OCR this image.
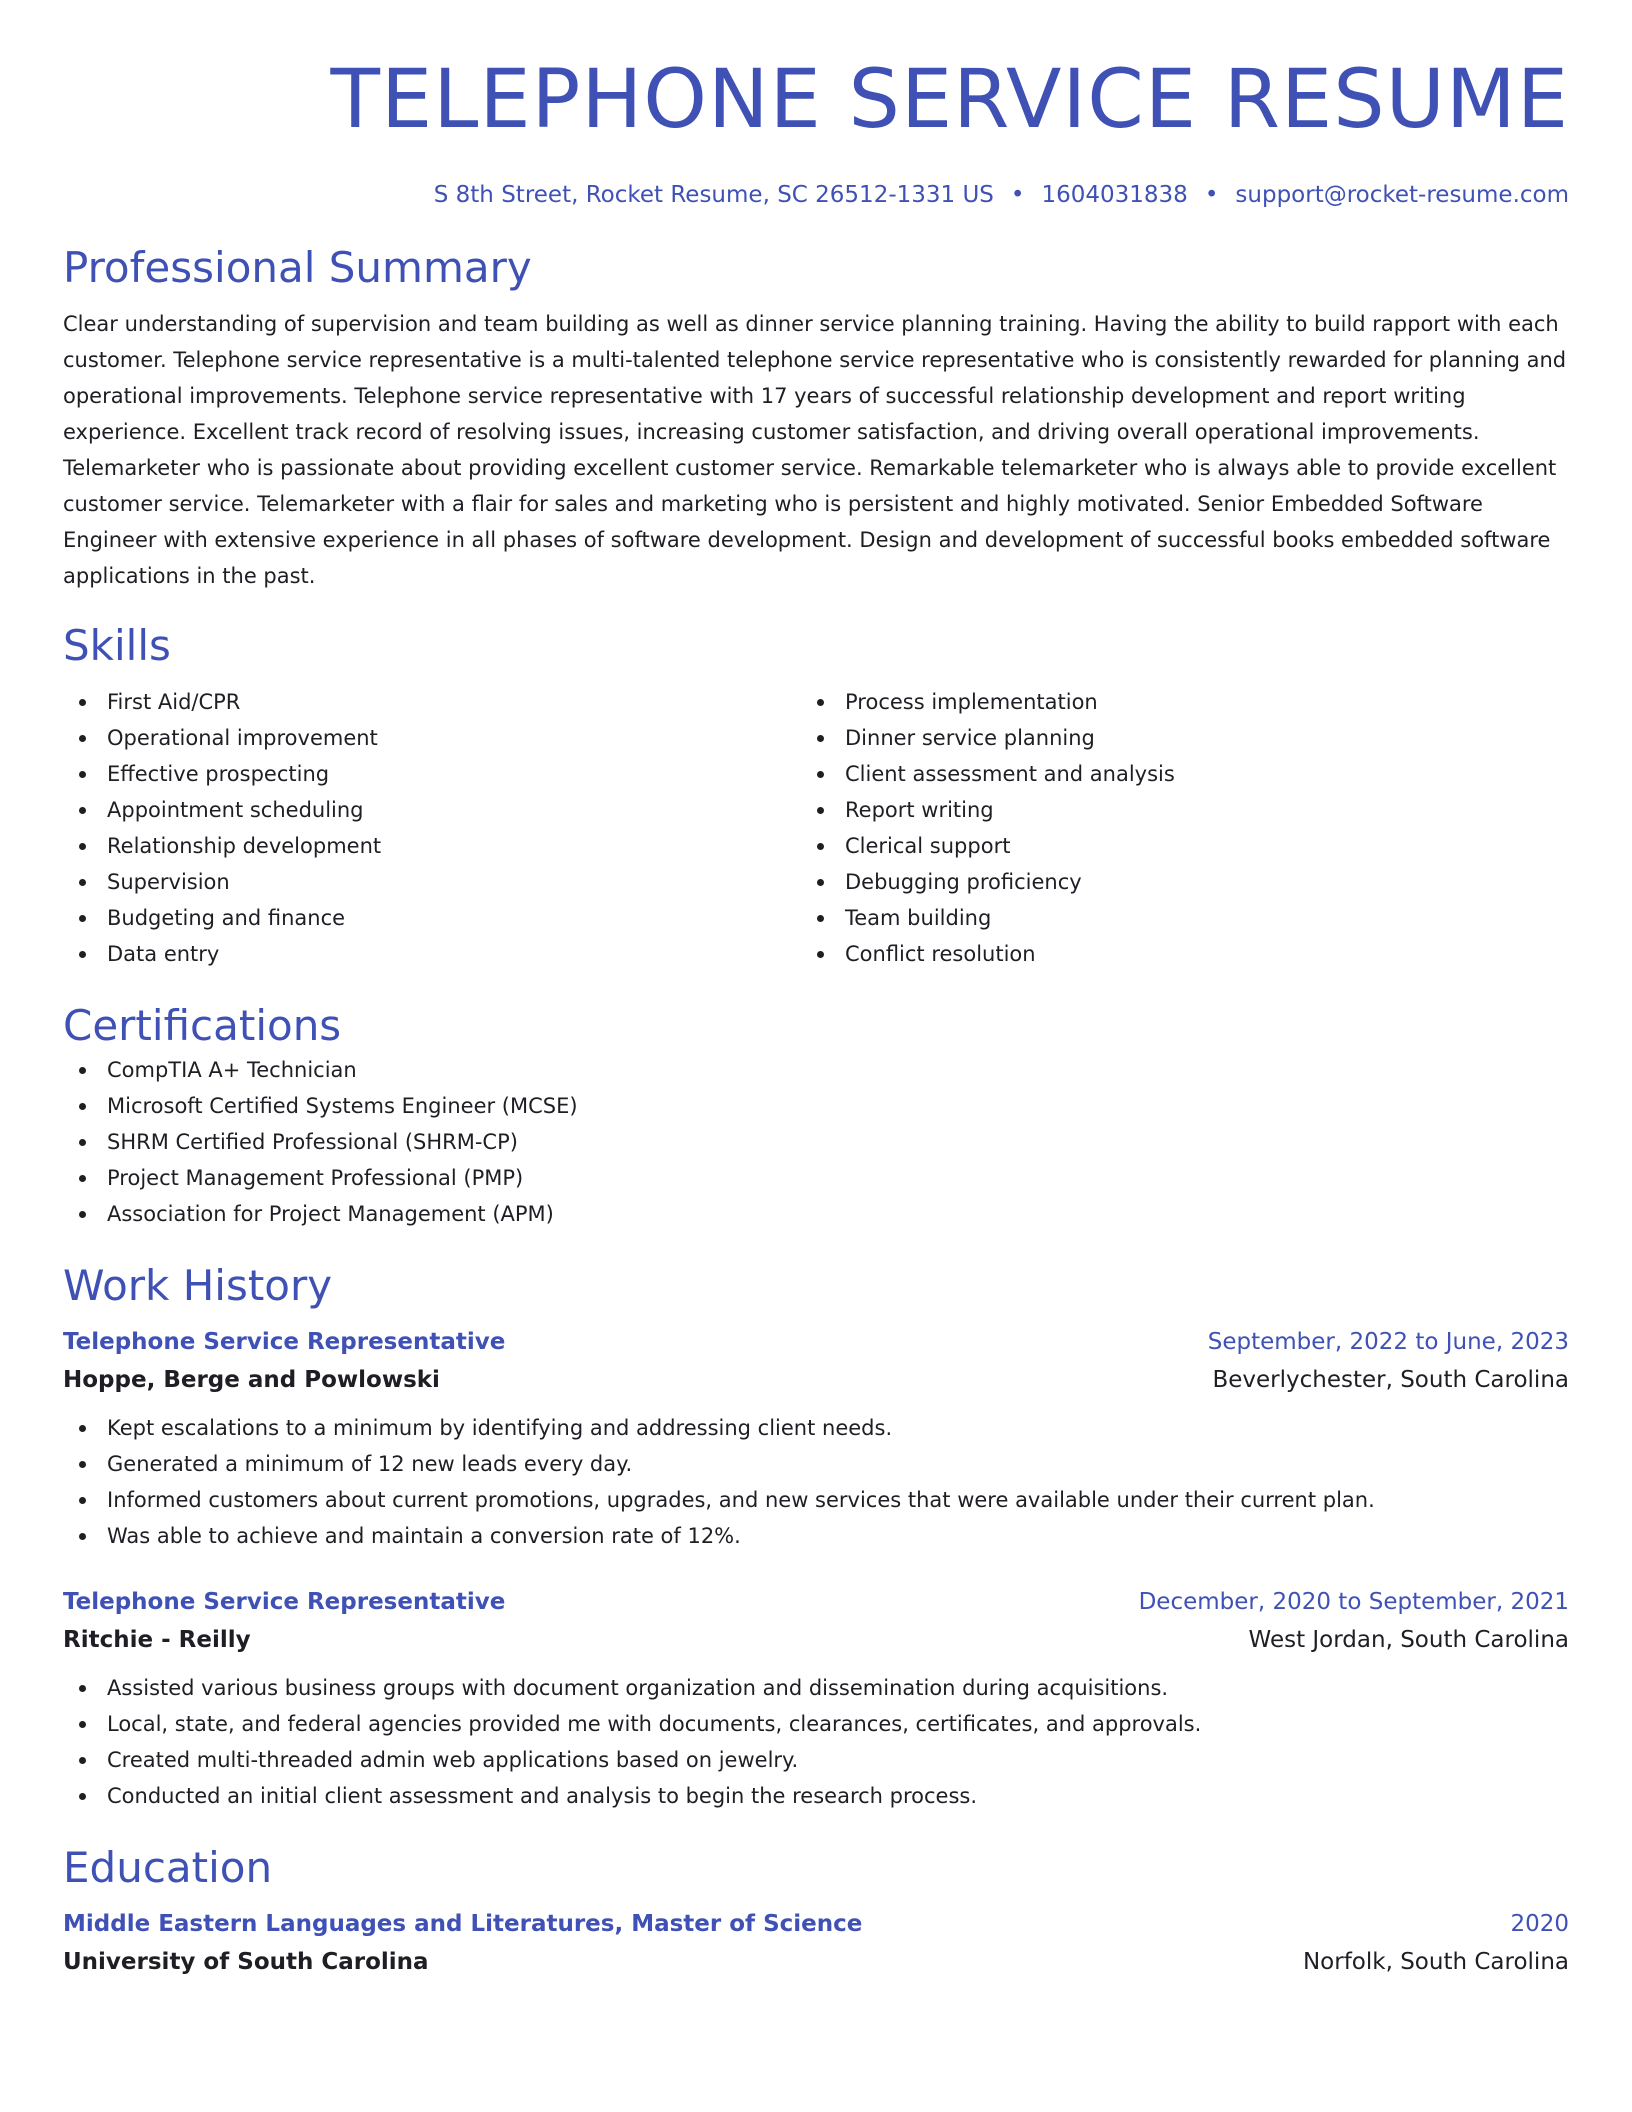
TELEPHONE SERVICE RESUME
S 8th Street, Rocket Resume, SC 26512-1331 US • 1604031838 • support@rocket-resume.com
Professional Summary

Clear understanding of supervision and team building as well as dinner service planning training. Having the ability to build rapport with each customer. Telephone service representative is a multi-talented telephone service representative who is consistently rewarded for planning and operational improvements. Telephone service representative with 17 years of successful relationship development and report writing experience. Excellent track record of resolving issues, increasing customer satisfaction, and driving overall operational improvements. Telemarketer who is passionate about providing excellent customer service. Remarkable telemarketer who is always able to provide excellent customer service. Telemarketer with a flair for sales and marketing who is persistent and highly motivated. Senior Embedded Software Engineer with extensive experience in all phases of software development. Design and development of successful books embedded software applications in the past.

Skills
First Aid/CPR
Operational improvement
Effective prospecting
Appointment scheduling
Relationship development
Supervision
Budgeting and finance
Data entry
Process implementation
Dinner service planning
Client assessment and analysis
Report writing
Clerical support
Debugging proficiency
Team building
Conflict resolution
Certifications
CompTIA A+ Technician
Microsoft Certified Systems Engineer (MCSE)
SHRM Certified Professional (SHRM-CP)
Project Management Professional (PMP)
Association for Project Management (APM)
Work History
Telephone Service Representative	September, 2022 to June, 2023
Hoppe, Berge and Powlowski	Beverlychester, South Carolina
Kept escalations to a minimum by identifying and addressing client needs.
Generated a minimum of 12 new leads every day.
Informed customers about current promotions, upgrades, and new services that were available under their current plan.
Was able to achieve and maintain a conversion rate of 12%.
Telephone Service Representative	December, 2020 to September, 2021
Ritchie - Reilly	West Jordan, South Carolina
Assisted various business groups with document organization and dissemination during acquisitions.
Local, state, and federal agencies provided me with documents, clearances, certificates, and approvals.
Created multi-threaded admin web applications based on jewelry.
Conducted an initial client assessment and analysis to begin the research process.
Education
Middle Eastern Languages and Literatures, Master of Science	2020
University of South Carolina	Norfolk, South Carolina
